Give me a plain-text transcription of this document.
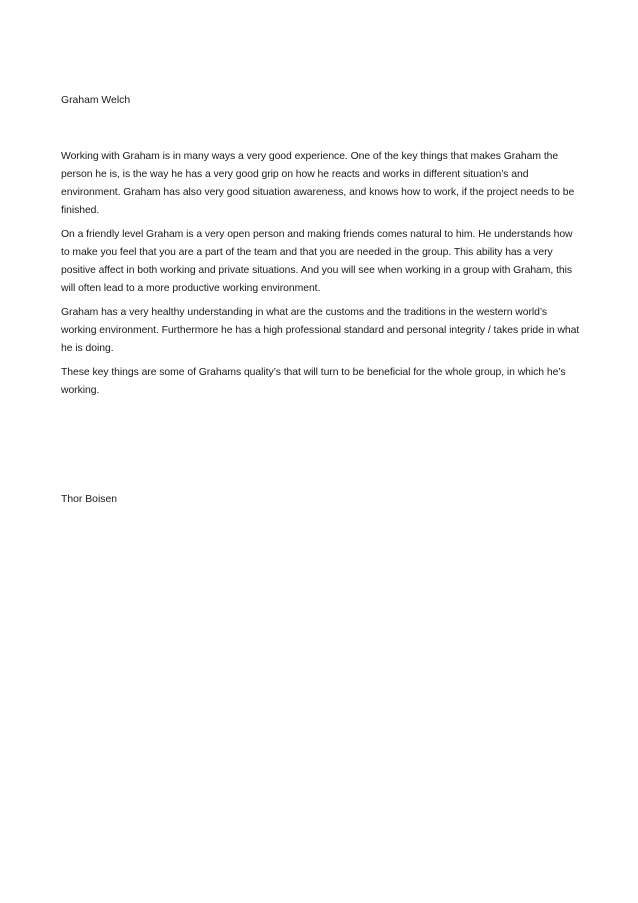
Graham Welch

Working with Graham is in many ways a very good experience. One of the key things that makes Graham the person he is, is the way he has a very good grip on how he reacts and works in different situation’s and environment. Graham has also very good situation awareness, and knows how to work, if the project needs to be finished.

On a friendly level Graham is a very open person and making friends comes natural to him. He understands how to make you feel that you are a part of the team and that you are needed in the group. This ability has a very positive affect in both working and private situations. And you will see when working in a group with Graham, this will often lead to a more productive working environment.

Graham has a very healthy understanding in what are the customs and the traditions in the western world’s working environment. Furthermore he has a high professional standard and personal integrity / takes pride in what he is doing.

These key things are some of Grahams quality’s that will turn to be beneficial for the whole group, in which he’s working.

Thor Boisen
